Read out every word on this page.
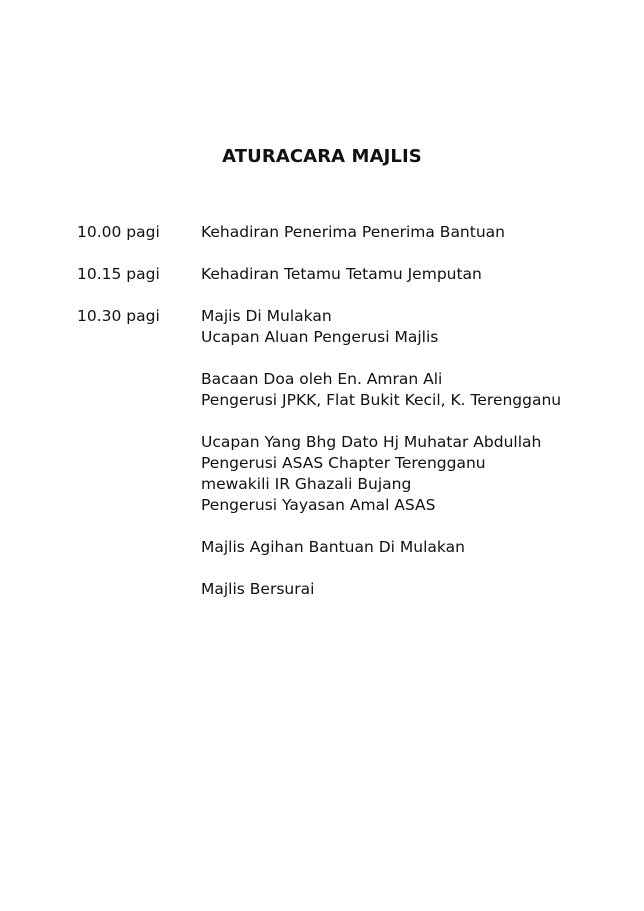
ATURACARA MAJLIS
10.00 pagi	Kehadiran Penerima Penerima Bantuan
10.15 pagi	Kehadiran Tetamu Tetamu Jemputan
10.30 pagi	Majis Di Mulakan
Ucapan Aluan Pengerusi Majlis
Bacaan Doa oleh En. Amran Ali
Pengerusi JPKK, Flat Bukit Kecil, K. Terengganu
Ucapan Yang Bhg Dato Hj Muhatar Abdullah
Pengerusi ASAS Chapter Terengganu
mewakili IR Ghazali Bujang
Pengerusi Yayasan Amal ASAS
Majlis Agihan Bantuan Di Mulakan
Majlis Bersurai
